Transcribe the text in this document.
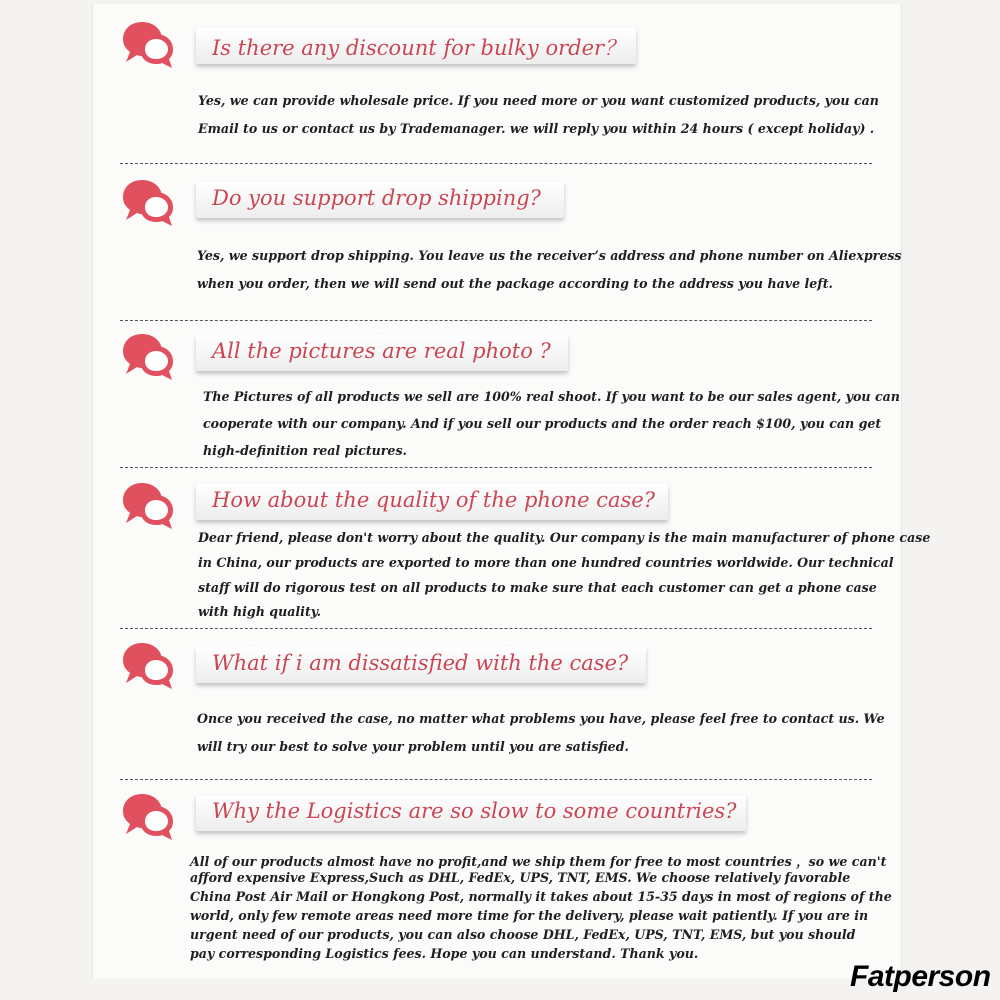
Is there any discount for bulky order？

Yes, we can provide wholesale price. If you need more or you want customized products, you can

Email to us or contact us by Trademanager. we will reply you within 24 hours ( except holiday) .

Do you support drop shipping?

Yes, we support drop shipping. You leave us the receiver’s address and phone number on Aliexpress

when you order, then we will send out the package according to the address you have left.

All the pictures are real photo ?

The Pictures of all products we sell are 100% real shoot. If you want to be our sales agent, you can

cooperate with our company. And if you sell our products and the order reach $100, you can get

high-definition real pictures.

How about the quality of the phone case?

Dear friend, please don't worry about the quality. Our company is the main manufacturer of phone case

in China, our products are exported to more than one hundred countries worldwide. Our technical

staff will do rigorous test on all products to make sure that each customer can get a phone case

with high quality.

What if i am dissatisfied with the case?

Once you received the case, no matter what problems you have, please feel free to contact us. We

will try our best to solve your problem until you are satisfied.

Why the Logistics are so slow to some countries?

All of our products almost have no profit,and we ship them for free to most countries ，so we can't

afford expensive Express,Such as DHL, FedEx, UPS, TNT, EMS. We choose relatively favorable

China Post Air Mail or Hongkong Post, normally it takes about 15-35 days in most of regions of the

world, only few remote areas need more time for the delivery, please wait patiently. If you are in

urgent need of our products, you can also choose DHL, FedEx, UPS, TNT, EMS, but you should

pay corresponding Logistics fees. Hope you can understand. Thank you.

Fatperson
